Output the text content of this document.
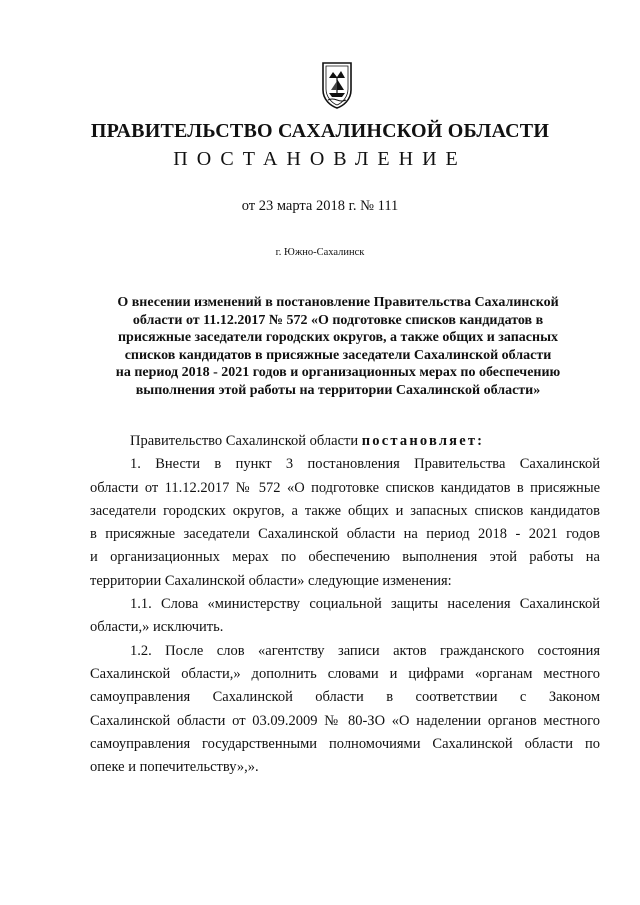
ПРАВИТЕЛЬСТВО САХАЛИНСКОЙ ОБЛАСТИ
ПОСТАНОВЛЕНИЕ
от 23 марта 2018 г. № 111
г. Южно-Сахалинск
О внесении изменений в постановление Правительства Сахалинской
области от 11.12.2017 № 572 «О подготовке списков кандидатов в
присяжные заседатели городских округов, а также общих и запасных
списков кандидатов в присяжные заседатели Сахалинской области
на период 2018 - 2021 годов и организационных мерах по обеспечению
выполнения этой работы на территории Сахалинской области»
Правительство Сахалинской области постановляет:
1. Внести в пункт 3 постановления Правительства Сахалинской
области от 11.12.2017 № 572 «О подготовке списков кандидатов в присяжные
заседатели городских округов, а также общих и запасных списков кандидатов
в присяжные заседатели Сахалинской области на период 2018 - 2021 годов
и организационных мерах по обеспечению выполнения этой работы на
территории Сахалинской области» следующие изменения:
1.1. Слова «министерству социальной защиты населения Сахалинской
области,» исключить.
1.2. После слов «агентству записи актов гражданского состояния
Сахалинской области,» дополнить словами и цифрами «органам местного
самоуправления Сахалинской области в соответствии с Законом
Сахалинской области от 03.09.2009 № 80-ЗО «О наделении органов местного
самоуправления государственными полномочиями Сахалинской области по
опеке и попечительству»,».
